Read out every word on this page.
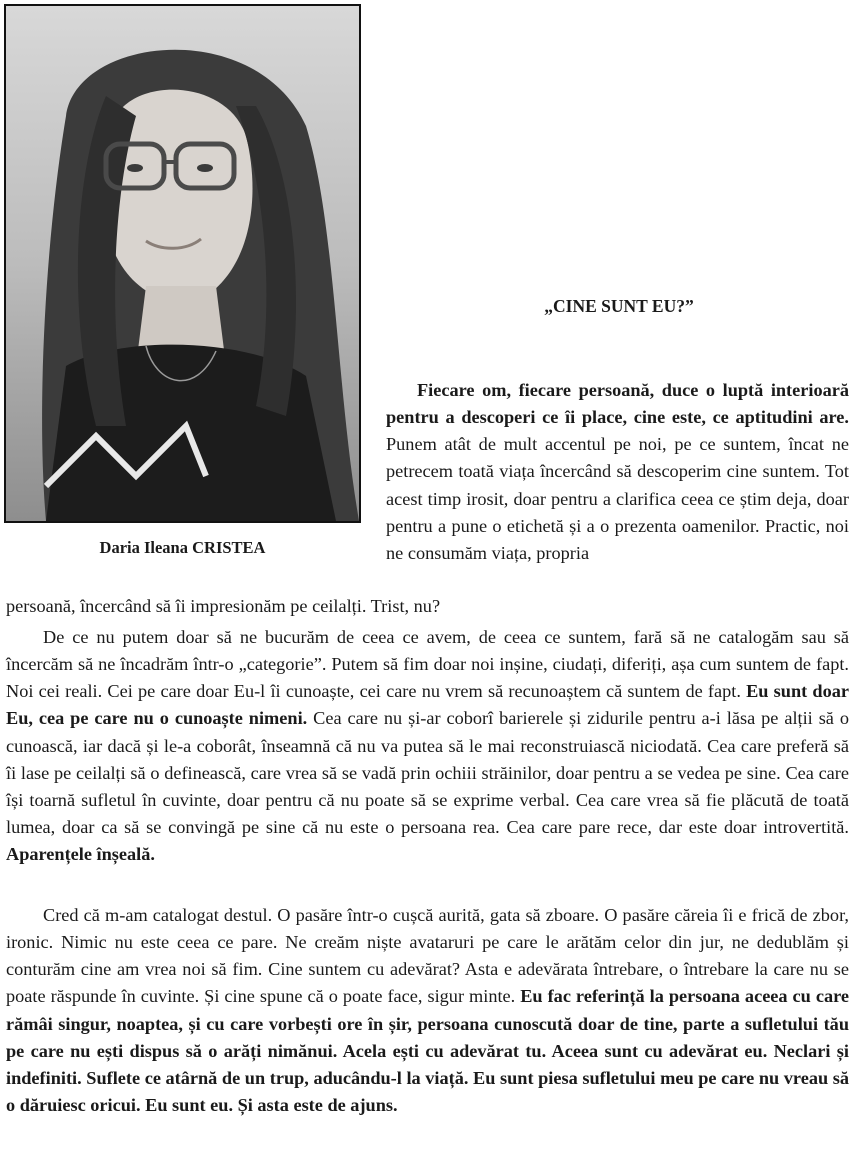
Daria Ileana CRISTEA
„CINE SUNT EU?”

Fiecare om, fiecare persoană, duce o luptă interioară pentru a descoperi ce îi place, cine este, ce aptitudini are. Punem atât de mult accentul pe noi, pe ce suntem, încat ne petrecem toată viața încercând să descoperim cine suntem. Tot acest timp irosit, doar pentru a clarifica ceea ce știm deja, doar pentru a pune o etichetă și a o prezenta oamenilor. Practic, noi ne consumăm viața, propria

persoană, încercând să îi impresionăm pe ceilalți. Trist, nu?

De ce nu putem doar să ne bucurăm de ceea ce avem, de ceea ce suntem, fară să ne catalogăm sau să încercăm să ne încadrăm într-o „categorie”. Putem să fim doar noi inșine, ciudați, diferiți, așa cum suntem de fapt. Noi cei reali. Cei pe care doar Eu-l îi cunoaște, cei care nu vrem să recunoaștem că suntem de fapt. Eu sunt doar Eu, cea pe care nu o cunoaște nimeni. Cea care nu și-ar coborî barierele și zidurile pentru a-i lăsa pe alții să o cunoască, iar dacă și le-a coborât, înseamnă că nu va putea să le mai reconstruiască niciodată. Cea care preferă să îi lase pe ceilalți să o definească, care vrea să se vadă prin ochiii străinilor, doar pentru a se vedea pe sine. Cea care își toarnă sufletul în cuvinte, doar pentru că nu poate să se exprime verbal. Cea care vrea să fie plăcută de toată lumea, doar ca să se convingă pe sine că nu este o persoana rea. Cea care pare rece, dar este doar introvertită. Aparențele înșeală.

Cred că m-am catalogat destul. O pasăre într-o cușcă aurită, gata să zboare. O pasăre căreia îi e frică de zbor, ironic. Nimic nu este ceea ce pare. Ne creăm niște avataruri pe care le arătăm celor din jur, ne dedublăm și conturăm cine am vrea noi să fim. Cine suntem cu adevărat? Asta e adevărata întrebare, o întrebare la care nu se poate răspunde în cuvinte. Și cine spune că o poate face, sigur minte. Eu fac referință la persoana aceea cu care rămâi singur, noaptea, și cu care vorbești ore în șir, persoana cunoscută doar de tine, parte a sufletului tău pe care nu ești dispus să o arăți nimănui. Acela ești cu adevărat tu. Aceea sunt cu adevărat eu. Neclari și indefiniti. Suflete ce atârnă de un trup, aducându-l la viață. Eu sunt piesa sufletului meu pe care nu vreau să o dăruiesc oricui. Eu sunt eu. Și asta este de ajuns.
